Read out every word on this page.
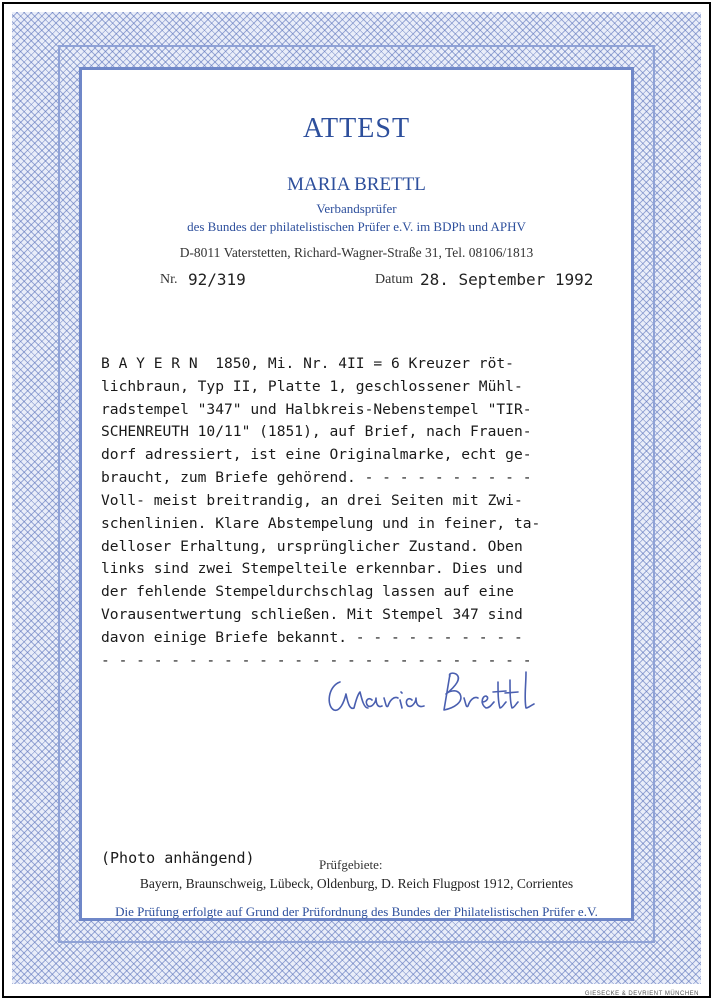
ATTEST
MARIA BRETTL
Verbandsprüfer
des Bundes der philatelistischen Prüfer e.V. im BDPh und APHV
D-8011 Vaterstetten, Richard-Wagner-Straße 31, Tel. 08106/1813
Nr. 92/319	Datum 28. September 1992
B A Y E R N  1850, Mi. Nr. 4II = 6 Kreuzer röt-
lichbraun, Typ II, Platte 1, geschlossener Mühl-
radstempel "347" und Halbkreis-Nebenstempel "TIR-
SCHENREUTH 10/11" (1851), auf Brief, nach Frauen-
dorf adressiert, ist eine Originalmarke, echt ge-
braucht, zum Briefe gehörend. - - - - - - - - - -
Voll- meist breitrandig, an drei Seiten mit Zwi-
schenlinien. Klare Abstempelung und in feiner, ta-
delloser Erhaltung, ursprünglicher Zustand. Oben
links sind zwei Stempelteile erkennbar. Dies und
der fehlende Stempeldurchschlag lassen auf eine
Vorausentwertung schließen. Mit Stempel 347 sind
davon einige Briefe bekannt. - - - - - - - - - -
- - - - - - - - - - - - - - - - - - - - - - - - -
(Photo anhängend)	Prüfgebiete:
Bayern, Braunschweig, Lübeck, Oldenburg, D. Reich Flugpost 1912, Corrientes
Die Prüfung erfolgte auf Grund der Prüfordnung des Bundes der Philatelistischen Prüfer e.V.
GIESECKE & DEVRIENT MÜNCHEN
